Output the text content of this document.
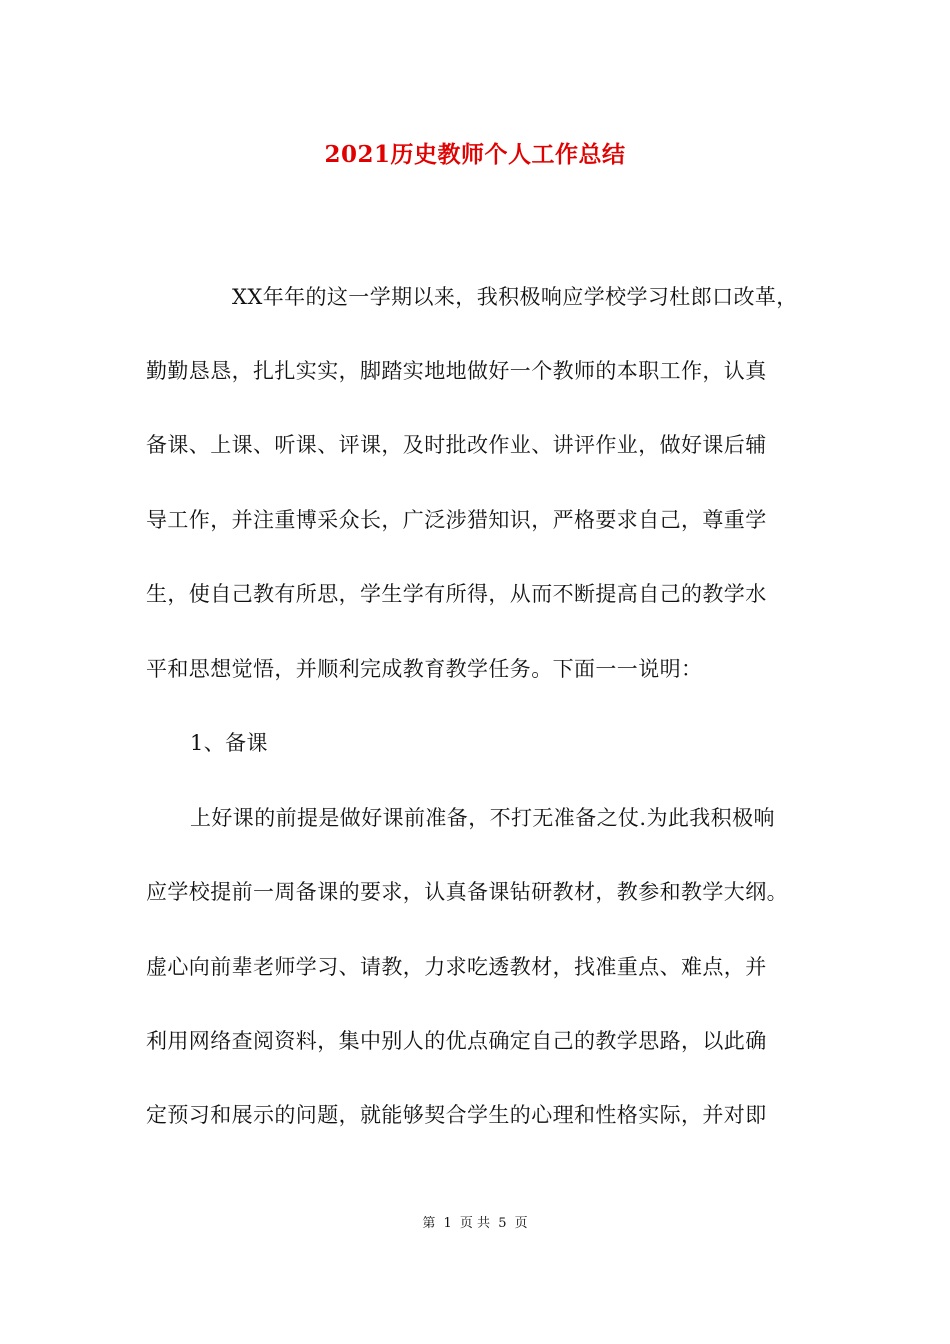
2021历史教师个人工作总结
XX年年的这一学期以来，我积极响应学校学习杜郎口改革，
勤勤恳恳，扎扎实实，脚踏实地地做好一个教师的本职工作，认真
备课、上课、听课、评课，及时批改作业、讲评作业，做好课后辅
导工作，并注重博采众长，广泛涉猎知识，严格要求自己，尊重学
生，使自己教有所思，学生学有所得，从而不断提高自己的教学水
平和思想觉悟，并顺利完成教育教学任务。下面一一说明：
1、备课
上好课的前提是做好课前准备，不打无准备之仗.为此我积极响
应学校提前一周备课的要求，认真备课钻研教材，教参和教学大纲。
虚心向前辈老师学习、请教，力求吃透教材，找准重点、难点，并
利用网络查阅资料，集中别人的优点确定自己的教学思路，以此确
定预习和展示的问题，就能够契合学生的心理和性格实际，并对即
第 1 页 共 5 页
